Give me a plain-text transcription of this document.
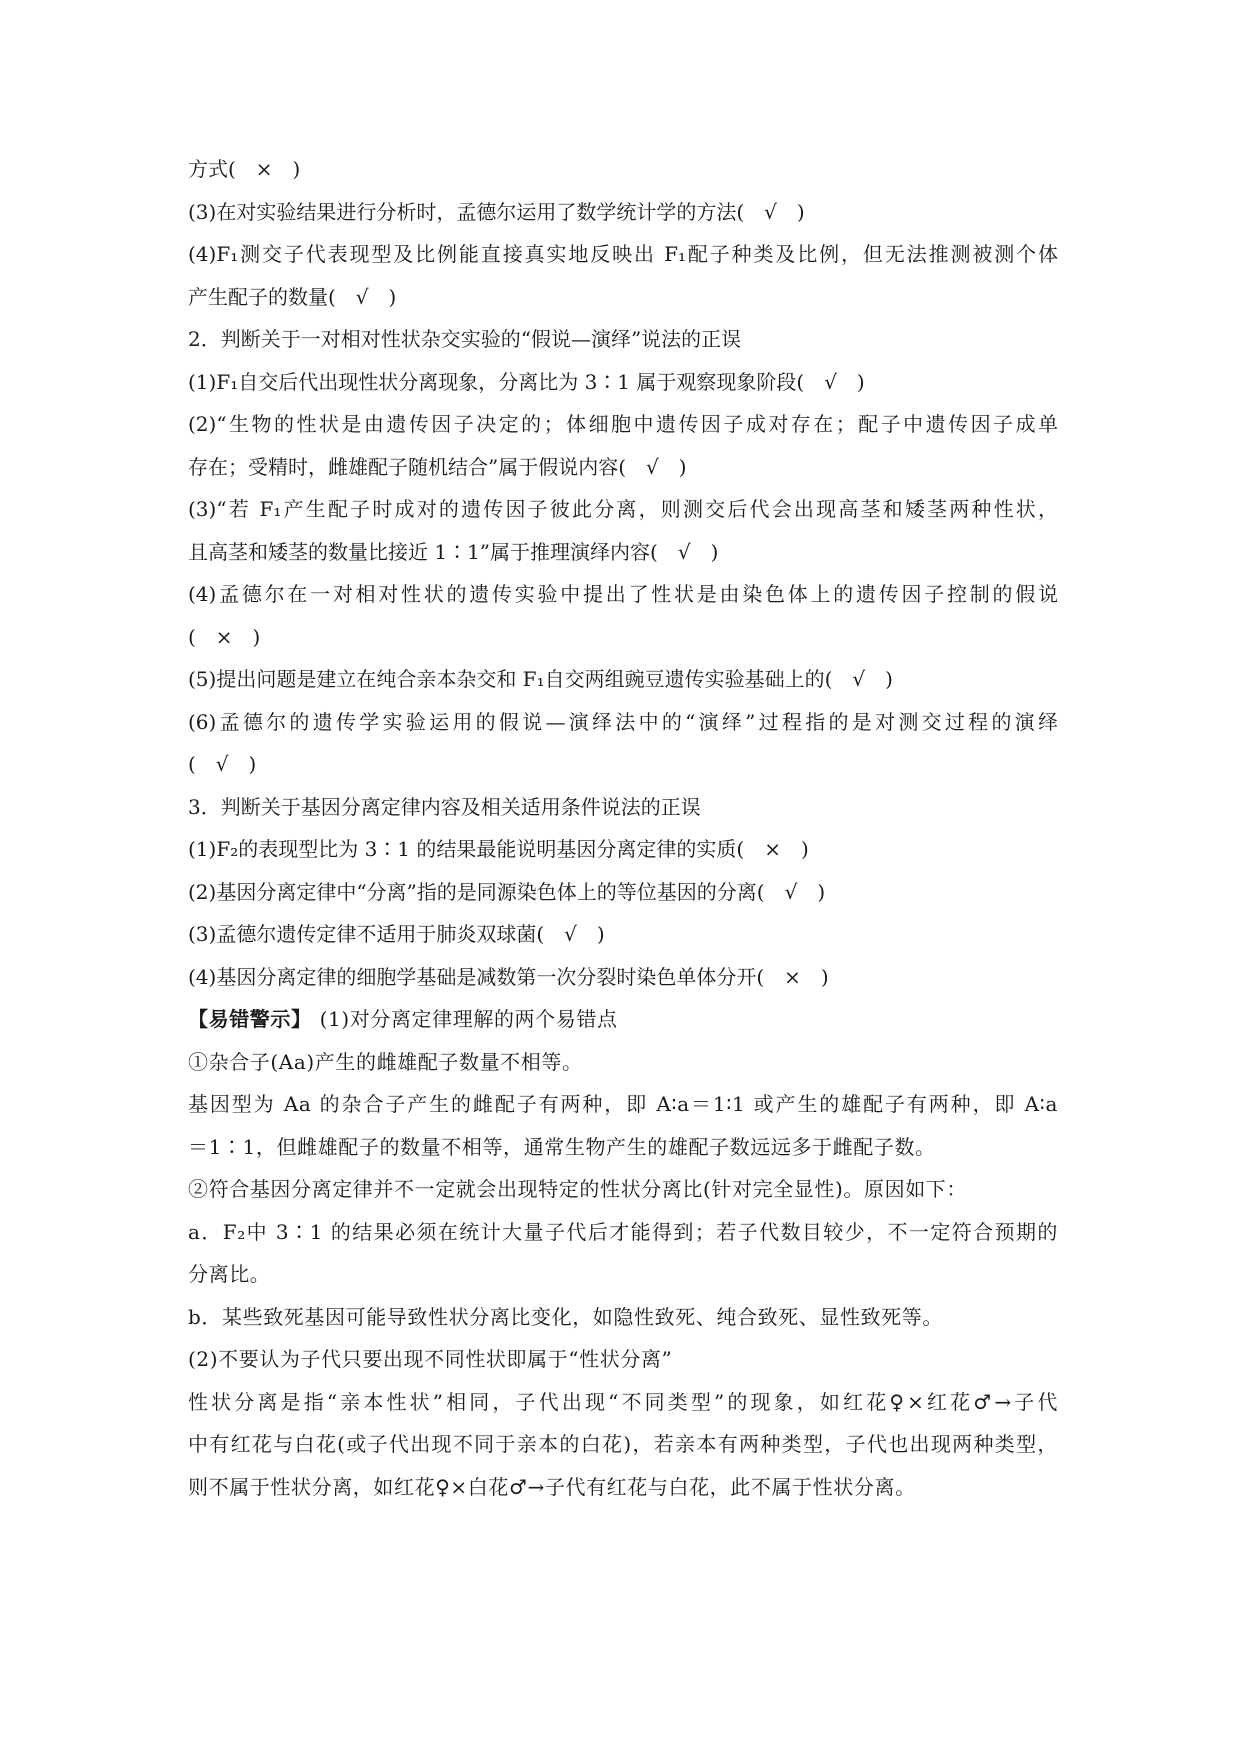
方式(　×　)
(3)在对实验结果进行分析时，孟德尔运用了数学统计学的方法(　√　)
(4)F₁测交子代表现型及比例能直接真实地反映出 F₁配子种类及比例，但无法推测被测个体
产生配子的数量(　√　)
2．判断关于一对相对性状杂交实验的“假说—演绎”说法的正误
(1)F₁自交后代出现性状分离现象，分离比为 3∶1 属于观察现象阶段(　√　)
(2)“生物的性状是由遗传因子决定的；体细胞中遗传因子成对存在；配子中遗传因子成单
存在；受精时，雌雄配子随机结合”属于假说内容(　√　)
(3)“若 F₁产生配子时成对的遗传因子彼此分离，则测交后代会出现高茎和矮茎两种性状，
且高茎和矮茎的数量比接近 1∶1”属于推理演绎内容(　√　)
(4)孟德尔在一对相对性状的遗传实验中提出了性状是由染色体上的遗传因子控制的假说
(　×　)
(5)提出问题是建立在纯合亲本杂交和 F₁自交两组豌豆遗传实验基础上的(　√　)
(6)孟德尔的遗传学实验运用的假说—演绎法中的“演绎”过程指的是对测交过程的演绎
(　√　)
3．判断关于基因分离定律内容及相关适用条件说法的正误
(1)F₂的表现型比为 3∶1 的结果最能说明基因分离定律的实质(　×　)
(2)基因分离定律中“分离”指的是同源染色体上的等位基因的分离(　√　)
(3)孟德尔遗传定律不适用于肺炎双球菌(　√　)
(4)基因分离定律的细胞学基础是减数第一次分裂时染色单体分开(　×　)
【易错警示】 (1)对分离定律理解的两个易错点
①杂合子(Aa)产生的雌雄配子数量不相等。
基因型为 Aa 的杂合子产生的雌配子有两种，即 A∶a＝1∶1 或产生的雄配子有两种，即 A∶a
＝1∶1，但雌雄配子的数量不相等，通常生物产生的雄配子数远远多于雌配子数。
②符合基因分离定律并不一定就会出现特定的性状分离比(针对完全显性)。原因如下：
a．F₂中 3∶1 的结果必须在统计大量子代后才能得到；若子代数目较少，不一定符合预期的
分离比。
b．某些致死基因可能导致性状分离比变化，如隐性致死、纯合致死、显性致死等。
(2)不要认为子代只要出现不同性状即属于“性状分离”
性状分离是指“亲本性状”相同，子代出现“不同类型”的现象，如红花♀×红花♂→子代
中有红花与白花(或子代出现不同于亲本的白花)，若亲本有两种类型，子代也出现两种类型，
则不属于性状分离，如红花♀×白花♂→子代有红花与白花，此不属于性状分离。
